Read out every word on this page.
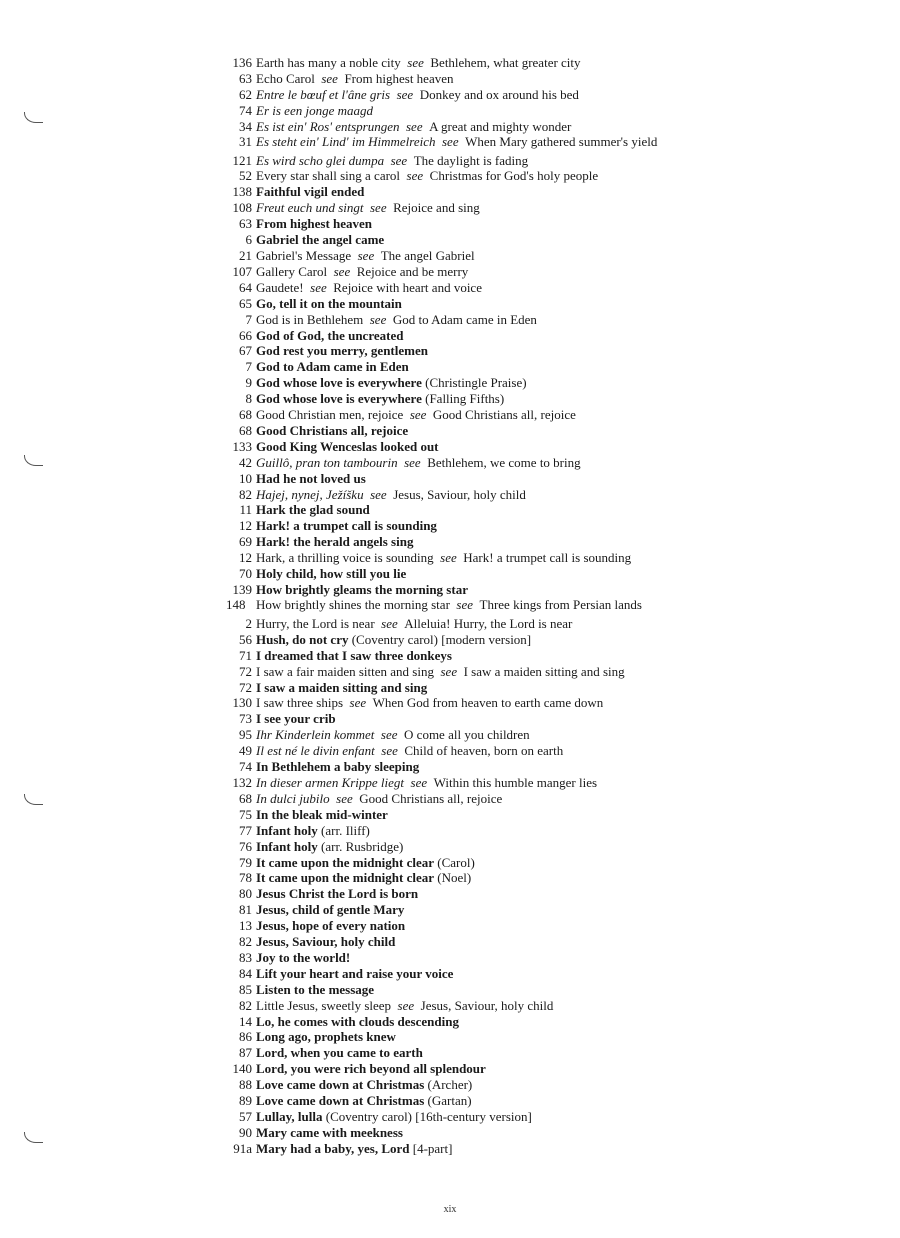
136 Earth has many a noble city  see  Bethlehem, what greater city
63 Echo Carol  see  From highest heaven
62 Entre le bœuf et l'âne gris  see  Donkey and ox around his bed
74 Er is een jonge maagd
34 Es ist ein' Ros' entsprungen  see  A great and mighty wonder
31 Es steht ein' Lind' im Himmelreich  see  When Mary gathered summer's yield
121 Es wird scho glei dumpa  see  The daylight is fading
52 Every star shall sing a carol  see  Christmas for God's holy people
138 Faithful vigil ended
108 Freut euch und singt  see  Rejoice and sing
63 From highest heaven
6 Gabriel the angel came
21 Gabriel's Message  see  The angel Gabriel
107 Gallery Carol  see  Rejoice and be merry
64 Gaudete!  see  Rejoice with heart and voice
65 Go, tell it on the mountain
7 God is in Bethlehem  see  God to Adam came in Eden
66 God of God, the uncreated
67 God rest you merry, gentlemen
7 God to Adam came in Eden
9 God whose love is everywhere (Christingle Praise)
8 God whose love is everywhere (Falling Fifths)
68 Good Christian men, rejoice  see  Good Christians all, rejoice
68 Good Christians all, rejoice
133 Good King Wenceslas looked out
42 Guillô, pran ton tambourin  see  Bethlehem, we come to bring
10 Had he not loved us
82 Hajej, nynej, Ježíšku  see  Jesus, Saviour, holy child
11 Hark the glad sound
12 Hark! a trumpet call is sounding
69 Hark! the herald angels sing
12 Hark, a thrilling voice is sounding  see  Hark! a trumpet call is sounding
70 Holy child, how still you lie
139 How brightly gleams the morning star
148 How brightly shines the morning star  see  Three kings from Persian lands
2 Hurry, the Lord is near  see  Alleluia! Hurry, the Lord is near
56 Hush, do not cry (Coventry carol) [modern version]
71 I dreamed that I saw three donkeys
72 I saw a fair maiden sitten and sing  see  I saw a maiden sitting and sing
72 I saw a maiden sitting and sing
130 I saw three ships  see  When God from heaven to earth came down
73 I see your crib
95 Ihr Kinderlein kommet  see  O come all you children
49 Il est né le divin enfant  see  Child of heaven, born on earth
74 In Bethlehem a baby sleeping
132 In dieser armen Krippe liegt  see  Within this humble manger lies
68 In dulci jubilo  see  Good Christians all, rejoice
75 In the bleak mid-winter
77 Infant holy (arr. Iliff)
76 Infant holy (arr. Rusbridge)
79 It came upon the midnight clear (Carol)
78 It came upon the midnight clear (Noel)
80 Jesus Christ the Lord is born
81 Jesus, child of gentle Mary
13 Jesus, hope of every nation
82 Jesus, Saviour, holy child
83 Joy to the world!
84 Lift your heart and raise your voice
85 Listen to the message
82 Little Jesus, sweetly sleep  see  Jesus, Saviour, holy child
14 Lo, he comes with clouds descending
86 Long ago, prophets knew
87 Lord, when you came to earth
140 Lord, you were rich beyond all splendour
88 Love came down at Christmas (Archer)
89 Love came down at Christmas (Gartan)
57 Lullay, lulla (Coventry carol) [16th-century version]
90 Mary came with meekness
91a Mary had a baby, yes, Lord [4-part]
xix
